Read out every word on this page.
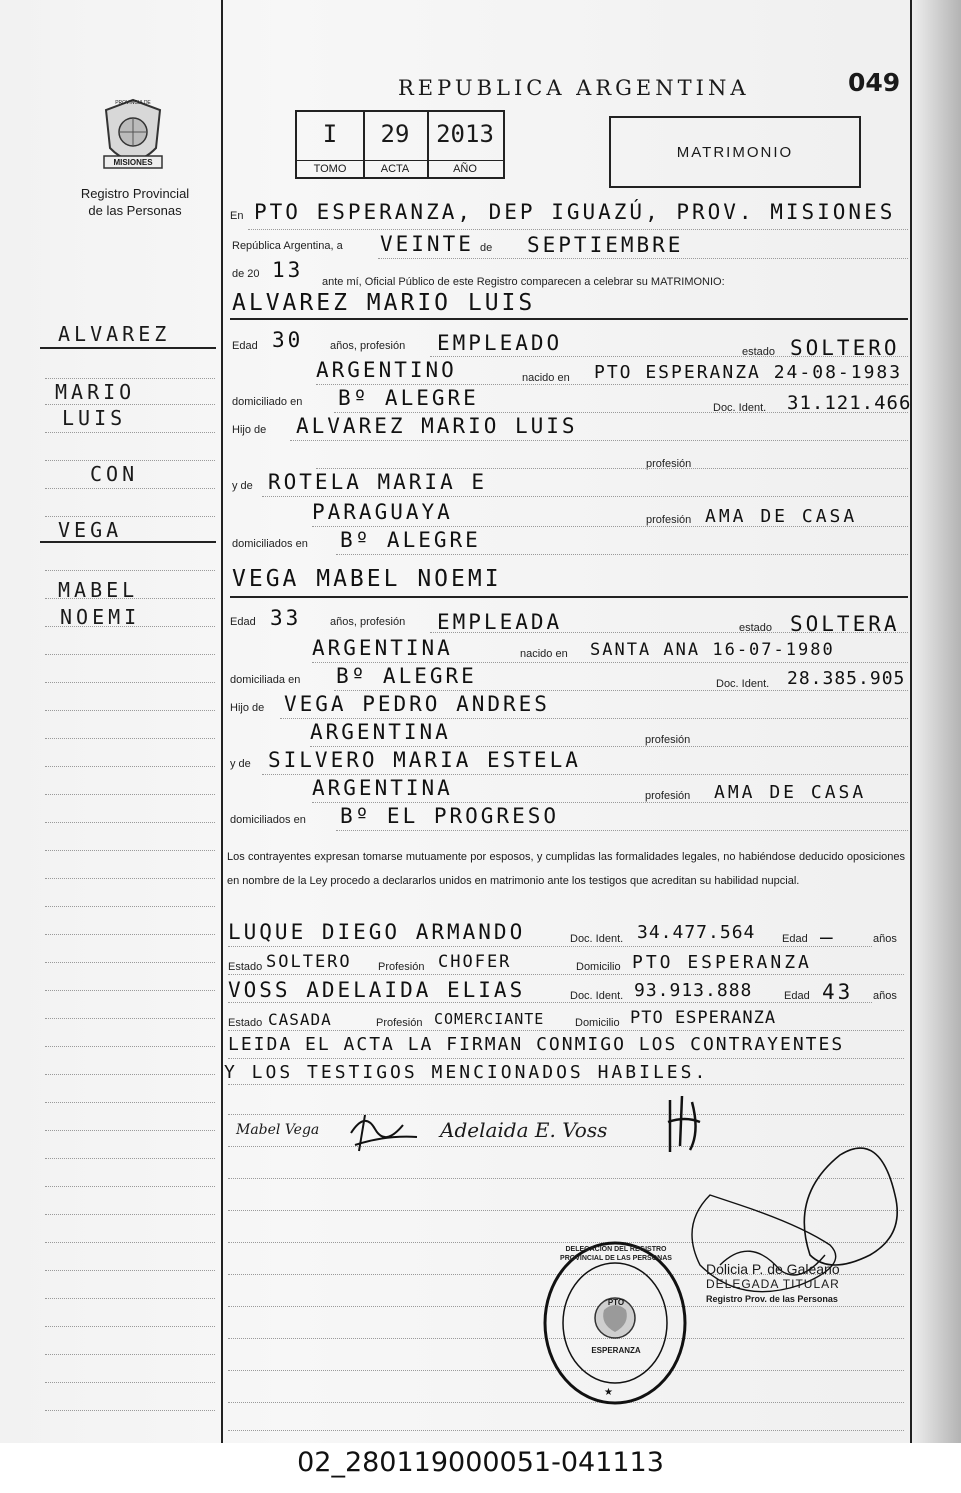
REPUBLICA ARGENTINA	049
PROVINCIA DE
MISIONES
Registro Provincial
de las Personas
I
TOMO
29
ACTA
2013
AÑO
MATRIMONIO
ALVAREZ
MARIO
LUIS
CON
VEGA
MABEL
NOEMI
En PTO ESPERANZA, DEP IGUAZÚ, PROV. MISIONES
República Argentina, a VEINTE de SEPTIEMBRE
de 20 13 ante mí, Oficial Público de este Registro comparecen a celebrar su MATRIMONIO:
ALVAREZ MARIO LUIS
Edad 30 años, profesión EMPLEADO	estado SOLTERO
ARGENTINO	nacido en PTO ESPERANZA 24-08-1983
domiciliado en Bº ALEGRE	Doc. Ident. 31.121.466
Hijo de ALVAREZ MARIO LUIS
profesión
y de ROTELA MARIA E
PARAGUAYA	profesión AMA DE CASA
domiciliados en Bº ALEGRE
VEGA MABEL NOEMI
Edad 33	años, profesión EMPLEADA	estado SOLTERA
ARGENTINA	nacido en SANTA ANA 16-07-1980
domiciliada en Bº ALEGRE	Doc. Ident. 28.385.905
Hijo de VEGA PEDRO ANDRES
ARGENTINA	profesión
y de SILVERO MARIA ESTELA
ARGENTINA	profesión AMA DE CASA
domiciliados en Bº EL PROGRESO
Los contrayentes expresan tomarse mutuamente por esposos, y cumplidas las formalidades legales, no habiéndose deducido oposiciones en nombre de la Ley procedo a declararlos unidos en matrimonio ante los testigos que acreditan su habilidad nupcial.
LUQUE DIEGO ARMANDO	Doc. Ident. 34.477.564 Edad —	años
Estado SOLTERO Profesión CHOFER	Domicilio PTO ESPERANZA
VOSS ADELAIDA ELIAS	Doc. Ident. 93.913.888	Edad 43 años
Estado CASADA	Profesión COMERCIANTE	Domicilio PTO ESPERANZA
LEIDA EL ACTA LA FIRMAN CONMIGO LOS CONTRAYENTES
Y LOS TESTIGOS MENCIONADOS HABILES.
Mabel Vega	Adelaida E. Voss
★
DELEGACION DEL REGISTRO PROVINCIAL DE LAS PERSONAS
PTO
ESPERANZA
Dolicia P. de Galeano
DELEGADA TITULAR
Registro Prov. de las Personas
02_280119000051-041113
